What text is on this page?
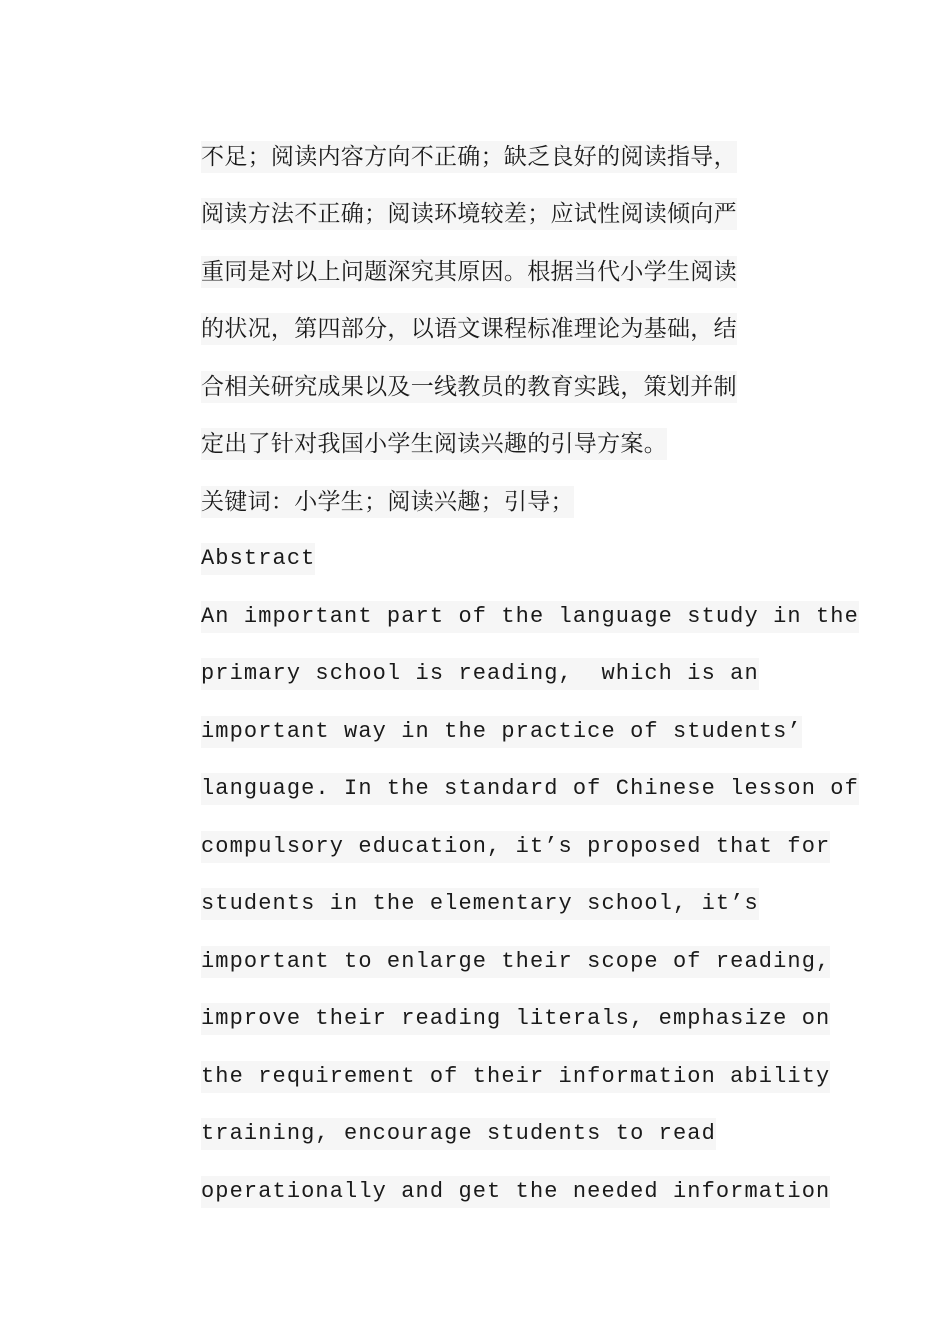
不足；阅读内容方向不正确；缺乏良好的阅读指导，
阅读方法不正确；阅读环境较差；应试性阅读倾向严
重同是对以上问题深究其原因。根据当代小学生阅读
的状况，第四部分，以语文课程标准理论为基础，结
合相关研究成果以及一线教员的教育实践，策划并制
定出了针对我国小学生阅读兴趣的引导方案。
关键词：小学生；阅读兴趣；引导；
Abstract
An important part of the language study in the
primary school is reading,  which is an
important way in the practice of students’
language. In the standard of Chinese lesson of
compulsory education, it’s proposed that for
students in the elementary school, it’s
important to enlarge their scope of reading,
improve their reading literals, emphasize on
the requirement of their information ability
training, encourage students to read
operationally and get the needed information
